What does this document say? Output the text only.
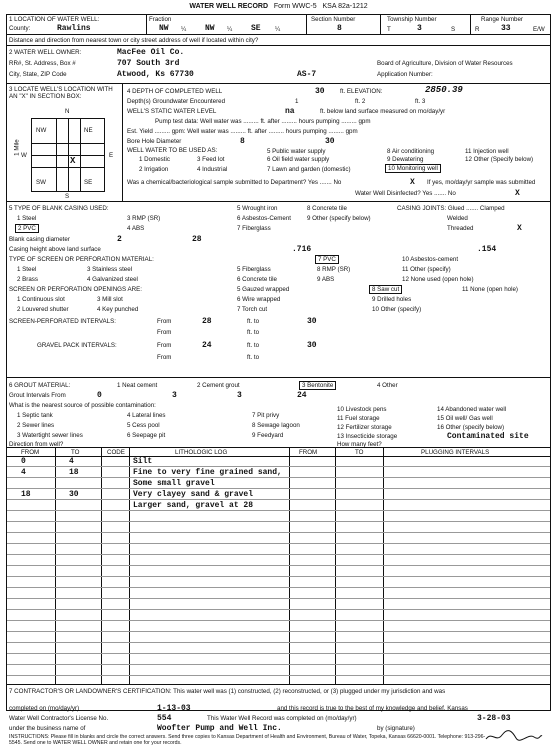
WATER WELL RECORD Form WWC-5 KSA 82a-1212
1 LOCATION OF WATER WELL:
County:	Rawlins
Fraction
NW ¼ NW ¼ SE ¼
Section Number
8
Township Number
T	3	S
Range Number
R	33	E/W
Distance and direction from nearest town or city street address of well if located within city?
2 WATER WELL OWNER:	MacFee Oil Co.
RR#, St. Address, Box #	707 South 3rd
City, State, ZIP Code	Atwood, Ks 67730	AS-7
Board of Agriculture, Division of Water Resources
Application Number:
3 LOCATE WELL'S LOCATION WITH AN "X" IN SECTION BOX:
N
S
W	E
1 Mile
NW	NE
SW	SE
X
4 DEPTH OF COMPLETED WELL	30 ft. ELEVATION:	2850.39
Depth(s) Groundwater Encountered	1	ft. 2	ft. 3
WELL'S STATIC WATER LEVEL	na	ft. below land surface measured on mo/day/yr
Pump test data: Well water was ......... ft. after ......... hours pumping ......... gpm
Est. Yield ......... gpm: Well water was ......... ft. after ......... hours pumping ......... gpm
Bore Hole Diameter	8	30
WELL WATER TO BE USED AS:
1 Domestic	3 Feed lot
5 Public water supply
6 Oil field water supply
8 Air conditioning
9 Dewatering
11 Injection well
12 Other (Specify below)
2 Irrigation	4 Industrial	7 Lawn and garden (domestic)	10 Monitoring well
Was a chemical/bacteriological sample submitted to Department? Yes ....... No	X If yes, mo/day/yr sample was submitted
Water Well Disinfected? Yes ....... No	X
5 TYPE OF BLANK CASING USED:
1 Steel	3 RMP (SR)
5 Wrought iron	8 Concrete tile
2 PVC	4 ABS
6 Asbestos-Cement	9 Other (specify below)
7 Fiberglass
CASING JOINTS: Glued ....... Clamped
Welded
Threaded	X
Blank casing diameter	2	28
Casing height above land surface	.716	.154
TYPE OF SCREEN OR PERFORATION MATERIAL:
1 Steel	3 Stainless steel	5 Fiberglass
7 PVC	10 Asbestos-cement
2 Brass	4 Galvanized steel	6 Concrete tile
8 RMP (SR)
9 ABS
11 Other (specify)
12 None used (open hole)
SCREEN OR PERFORATION OPENINGS ARE:
1 Continuous slot	3 Mill slot
5 Gauzed wrapped	8 Saw cut	11 None (open hole)
2 Louvered shutter	4 Key punched
6 Wire wrapped
7 Torch cut
9 Drilled holes
10 Other (specify)
SCREEN-PERFORATED INTERVALS:	From	28	ft. to	30
From	ft. to
GRAVEL PACK INTERVALS:	From	24	ft. to	30
From	ft. to
6 GROUT MATERIAL:	1 Neat cement	2 Cement grout	3 Bentonite	4 Other
Grout Intervals From	0	3	3	24
What is the nearest source of possible contamination:
1 Septic tank	4 Lateral lines	7 Pit privy
10 Livestock pens	14 Abandoned water well
2 Sewer lines	5 Cess pool	8 Sewage lagoon
11 Fuel storage	15 Oil well/ Gas well
3 Watertight sewer lines	6 Seepage pit	9 Feedyard
12 Fertilizer storage	16 Other (specify below)
13 Insecticide storage	Contaminated site
Direction from well?	How many feet?
FROM	TO	CODE	LITHOLOGIC LOG	FROM	TO	PLUGGING INTERVALS
0	4	Silt
4	18	Fine to very fine grained sand,
Some small gravel
18	30	Very clayey sand & gravel
Larger sand, gravel at 28
7 CONTRACTOR'S OR LANDOWNER'S CERTIFICATION: This water well was (1) constructed, (2) reconstructed, or (3) plugged under my jurisdiction and was
completed on (mo/day/yr)	1-13-03	and this record is true to the best of my knowledge and belief. Kansas
Water Well Contractor's License No.	554	This Water Well Record was completed on (mo/day/yr)	3-28-03
under the business name of	Woofter Pump and Well Inc.	by (signature)
INSTRUCTIONS: Please fill in blanks and circle the correct answers. Send three copies to Kansas Department of Health and Environment, Bureau of Water, Topeka, Kansas 66620-0001. Telephone: 913-296-5545. Send one to WATER WELL OWNER and retain one for your records.
